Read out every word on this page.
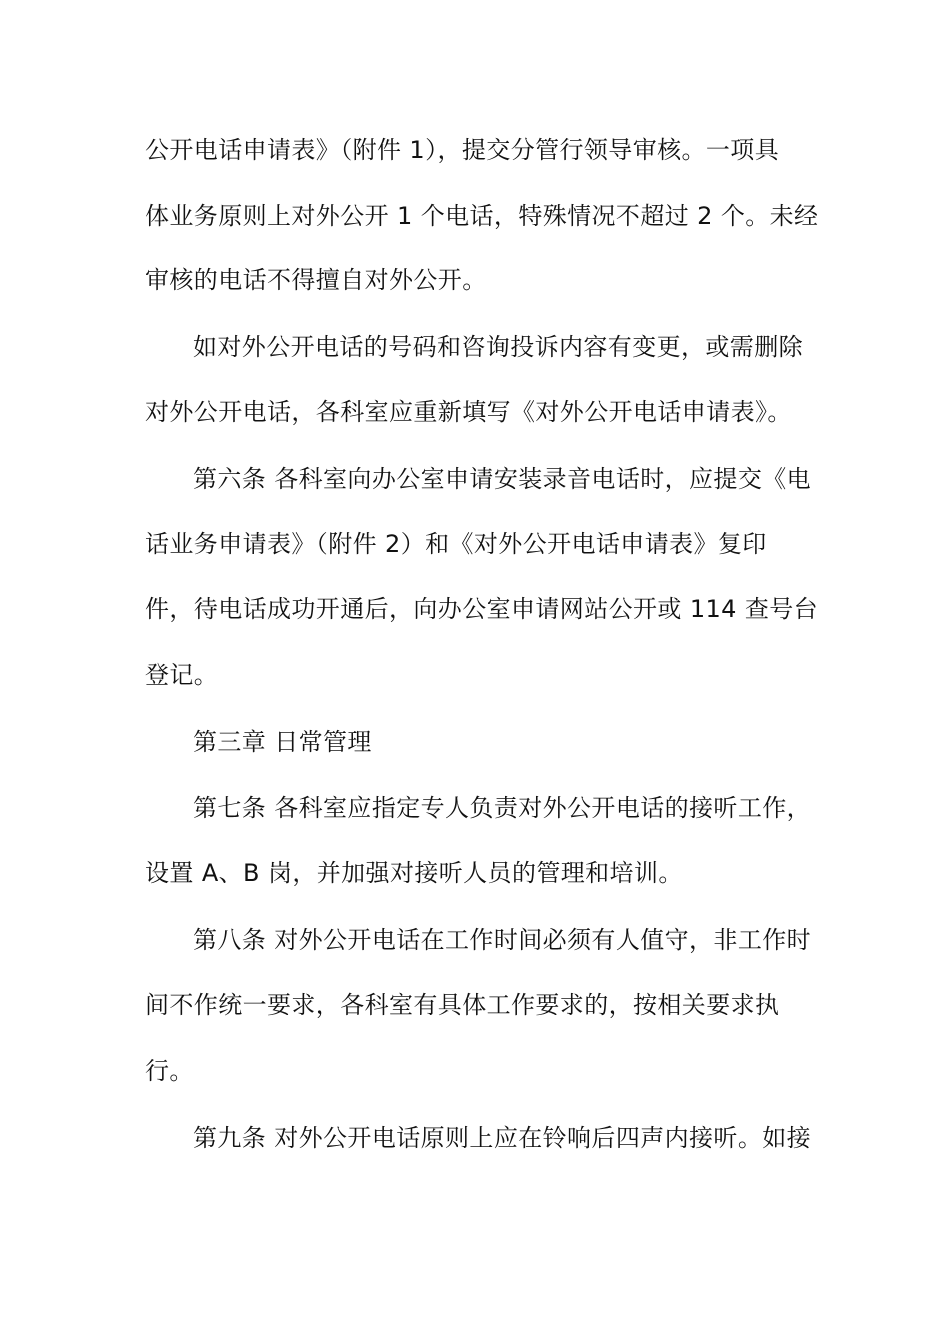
公开电话申请表》（附件 1），提交分管行领导审核。一项具
体业务原则上对外公开 1 个电话，特殊情况不超过 2 个。未经
审核的电话不得擅自对外公开。
如对外公开电话的号码和咨询投诉内容有变更，或需删除
对外公开电话，各科室应重新填写《对外公开电话申请表》。
第六条 各科室向办公室申请安装录音电话时，应提交《电
话业务申请表》（附件 2）和《对外公开电话申请表》复印
件，待电话成功开通后，向办公室申请网站公开或 114 查号台
登记。
第三章 日常管理
第七条 各科室应指定专人负责对外公开电话的接听工作，
设置 A、B 岗，并加强对接听人员的管理和培训。
第八条 对外公开电话在工作时间必须有人值守，非工作时
间不作统一要求，各科室有具体工作要求的，按相关要求执
行。
第九条 对外公开电话原则上应在铃响后四声内接听。如接
